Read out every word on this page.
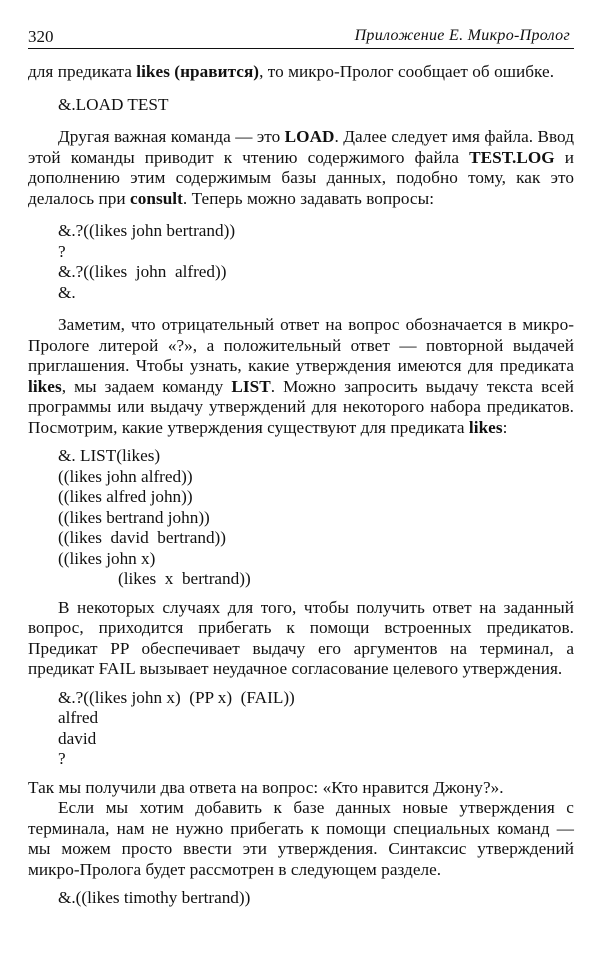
320	Приложение Е. Микро-Пролог

для предиката likes (нравится), то микро-Пролог сообщает об ошибке.

&.LOAD TEST

Другая важная команда — это LOAD. Далее следует имя файла. Ввод этой команды приводит к чтению содержимого файла TEST.LOG и дополнению этим содержимым базы данных, подобно тому, как это делалось при consult. Теперь можно задавать вопросы:

&.?((likes john bertrand))
?
&.?((likes  john  alfred))
&.

Заметим, что отрицательный ответ на вопрос обозначается в микро-Прологе литерой «?», а положительный ответ — повторной выдачей приглашения. Чтобы узнать, какие утверждения имеются для предиката likes, мы задаем команду LIST. Можно запросить выдачу текста всей программы или выдачу утверждений для некоторого набора предикатов. Посмотрим, какие утверждения существуют для предиката likes:

&. LIST(likes)
((likes john alfred))
((likes alfred john))
((likes bertrand john))
((likes  david  bertrand))
((likes john x)
(likes  x  bertrand))

В некоторых случаях для того, чтобы получить ответ на заданный вопрос, приходится прибегать к помощи встроенных предикатов. Предикат PP обеспечивает выдачу его аргументов на терминал, а предикат FAIL вызывает неудачное согласование целевого утверждения.

&.?((likes john x)  (PP x)  (FAIL))
alfred
david
?

Так мы получили два ответа на вопрос: «Кто нравится Джону?».

Если мы хотим добавить к базе данных новые утверждения с терминала, нам не нужно прибегать к помощи специальных команд — мы можем просто ввести эти утверждения. Синтаксис утверждений микро-Пролога будет рассмотрен в следующем разделе.

&.((likes timothy bertrand))
